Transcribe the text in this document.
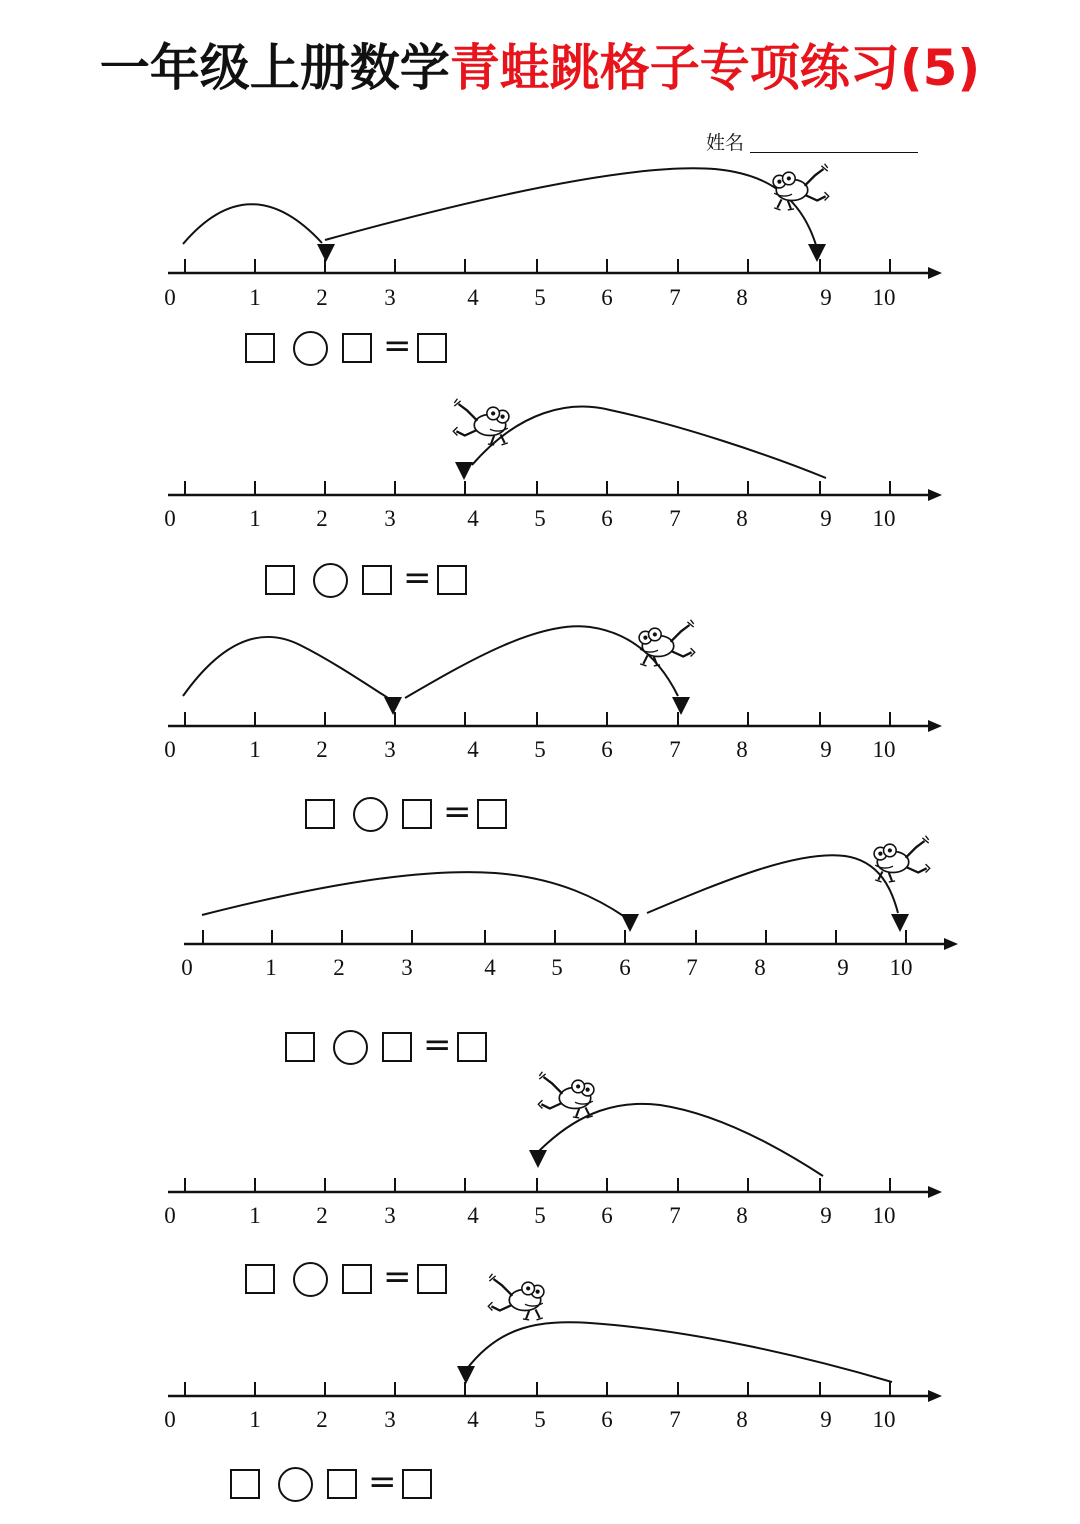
一年级上册数学青蛙跳格子专项练习(5)
姓名
0	1	2	3	4	5	6	7	8	9	10
0	1	2	3	4	5	6	7	8	9	10
0	1	2	3	4	5	6	7	8	9	10
0	1	2	3	4	5	6	7	8	9	10
0	1	2	3	4	5	6	7	8	9	10
0	1	2	3	4	5	6	7	8	9	10
=
=
=
=
=
=
